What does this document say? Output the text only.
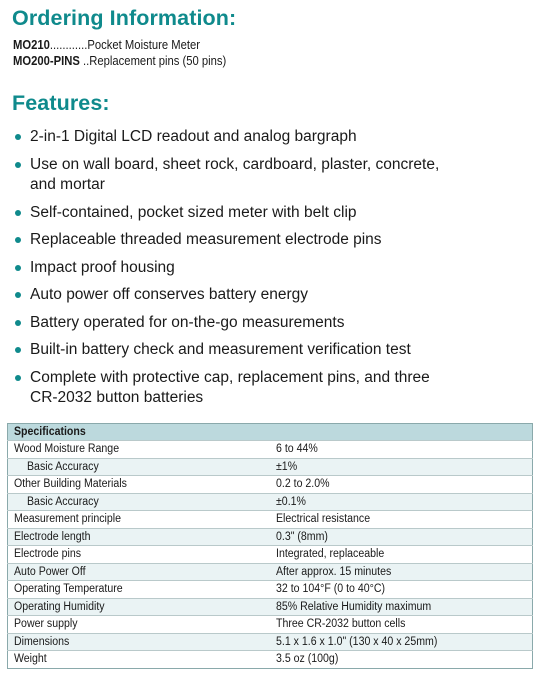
Ordering Information:
MO210............Pocket Moisture Meter
MO200-PINS ..Replacement pins (50 pins)
Features:
2-in-1 Digital LCD readout and analog bargraph
Use on wall board, sheet rock, cardboard, plaster, concrete, and mortar
Self-contained, pocket sized meter with belt clip
Replaceable threaded measurement electrode pins
Impact proof housing
Auto power off conserves battery energy
Battery operated for on-the-go measurements
Built-in battery check and measurement verification test
Complete with protective cap, replacement pins, and three CR-2032 button batteries
Specifications	
Wood Moisture Range	6 to 44%
Basic Accuracy	±1%
Other Building Materials	0.2 to 2.0%
Basic Accuracy	±0.1%
Measurement principle	Electrical resistance
Electrode length	0.3" (8mm)
Electrode pins	Integrated, replaceable
Auto Power Off	After approx. 15 minutes
Operating Temperature	32 to 104°F (0 to 40°C)
Operating Humidity	85% Relative Humidity maximum
Power supply	Three CR-2032 button cells
Dimensions	5.1 x 1.6 x 1.0" (130 x 40 x 25mm)
Weight	3.5 oz (100g)
